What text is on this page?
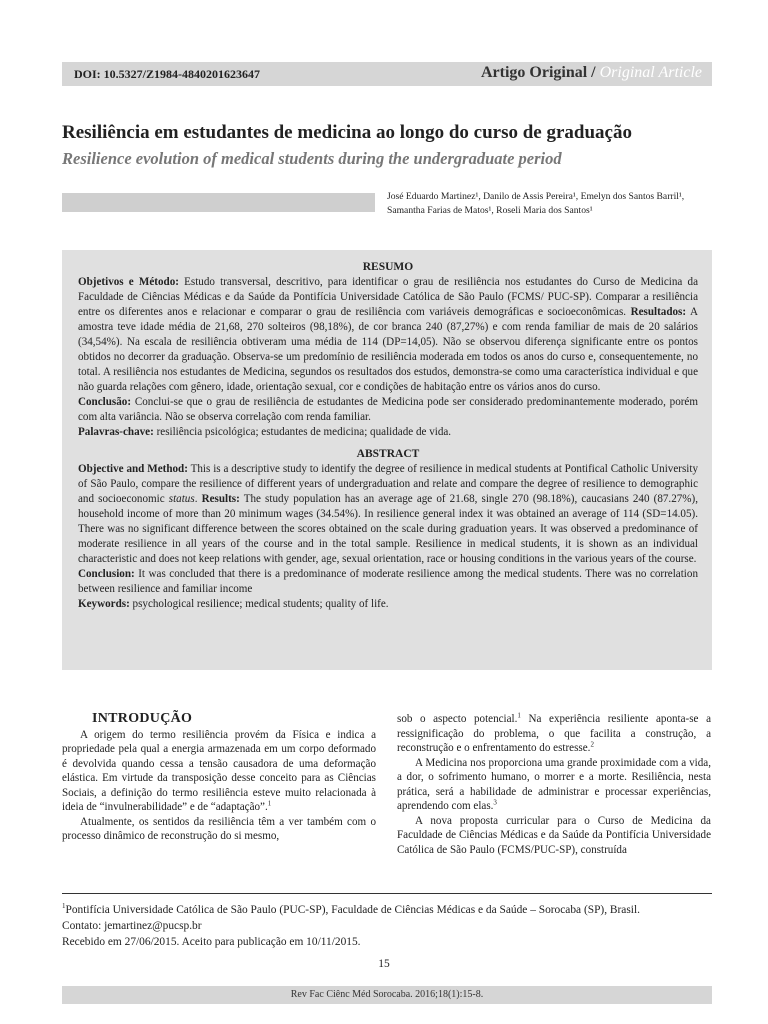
DOI: 10.5327/Z1984-4840201623647	Artigo Original / Original Article
Resiliência em estudantes de medicina ao longo do curso de graduação
Resilience evolution of medical students during the undergraduate period
José Eduardo Martinez¹, Danilo de Assis Pereira¹, Emelyn dos Santos Barril¹,
Samantha Farias de Matos¹, Roseli Maria dos Santos¹
RESUMO

Objetivos e Método: Estudo transversal, descritivo, para identificar o grau de resiliência nos estudantes do Curso de Medicina da Faculdade de Ciências Médicas e da Saúde da Pontifícia Universidade Católica de São Paulo (FCMS/ PUC-SP). Comparar a resiliência entre os diferentes anos e relacionar e comparar o grau de resiliência com variáveis demográficas e socioeconômicas. Resultados: A amostra teve idade média de 21,68, 270 solteiros (98,18%), de cor branca 240 (87,27%) e com renda familiar de mais de 20 salários (34,54%). Na escala de resiliência obtiveram uma média de 114 (DP=14,05). Não se observou diferença significante entre os pontos obtidos no decorrer da graduação. Observa-se um predomínio de resiliência moderada em todos os anos do curso e, consequentemente, no total. A resiliência nos estudantes de Medicina, segundos os resultados dos estudos, demonstra-se como uma característica individual e que não guarda relações com gênero, idade, orientação sexual, cor e condições de habitação entre os vários anos do curso.

Conclusão: Conclui-se que o grau de resiliência de estudantes de Medicina pode ser considerado predominantemente moderado, porém com alta variância. Não se observa correlação com renda familiar.

Palavras-chave: resiliência psicológica; estudantes de medicina; qualidade de vida.

ABSTRACT

Objective and Method: This is a descriptive study to identify the degree of resilience in medical students at Pontifical Catholic University of São Paulo, compare the resilience of different years of undergraduation and relate and compare the degree of resilience to demographic and socioeconomic status. Results: The study population has an average age of 21.68, single 270 (98.18%), caucasians 240 (87.27%), household income of more than 20 minimum wages (34.54%). In resilience general index it was obtained an average of 114 (SD=14.05). There was no significant difference between the scores obtained on the scale during graduation years. It was observed a predominance of moderate resilience in all years of the course and in the total sample. Resilience in medical students, it is shown as an individual characteristic and does not keep relations with gender, age, sexual orientation, race or housing conditions in the various years of the course.

Conclusion: It was concluded that there is a predominance of moderate resilience among the medical students. There was no correlation between resilience and familiar income

Keywords: psychological resilience; medical students; quality of life.

INTRODUÇÃO

A origem do termo resiliência provém da Física e indica a propriedade pela qual a energia armazenada em um corpo deformado é devolvida quando cessa a tensão causadora de uma deformação elástica. Em virtude da transposição desse conceito para as Ciências Sociais, a definição do termo resiliência esteve muito relacionada à ideia de “invulnerabilidade” e de “adaptação”.$^1$

Atualmente, os sentidos da resiliência têm a ver também com o processo dinâmico de reconstrução do si mesmo,

sob o aspecto potencial.$^1$ Na experiência resiliente aponta-se a ressignificação do problema, o que facilita a construção, a reconstrução e o enfrentamento do estresse.$^2$

A Medicina nos proporciona uma grande proximidade com a vida, a dor, o sofrimento humano, o morrer e a morte. Resiliência, nesta prática, será a habilidade de administrar e processar experiências, aprendendo com elas.$^3$

A nova proposta curricular para o Curso de Medicina da Faculdade de Ciências Médicas e da Saúde da Pontifícia Universidade Católica de São Paulo (FCMS/PUC-SP), construída

$^1$Pontifícia Universidade Católica de São Paulo (PUC-SP), Faculdade de Ciências Médicas e da Saúde – Sorocaba (SP), Brasil.
Contato: jemartinez@pucsp.br
Recebido em 27/06/2015. Aceito para publicação em 10/11/2015.
15
Rev Fac Ciênc Méd Sorocaba. 2016;18(1):15-8.
